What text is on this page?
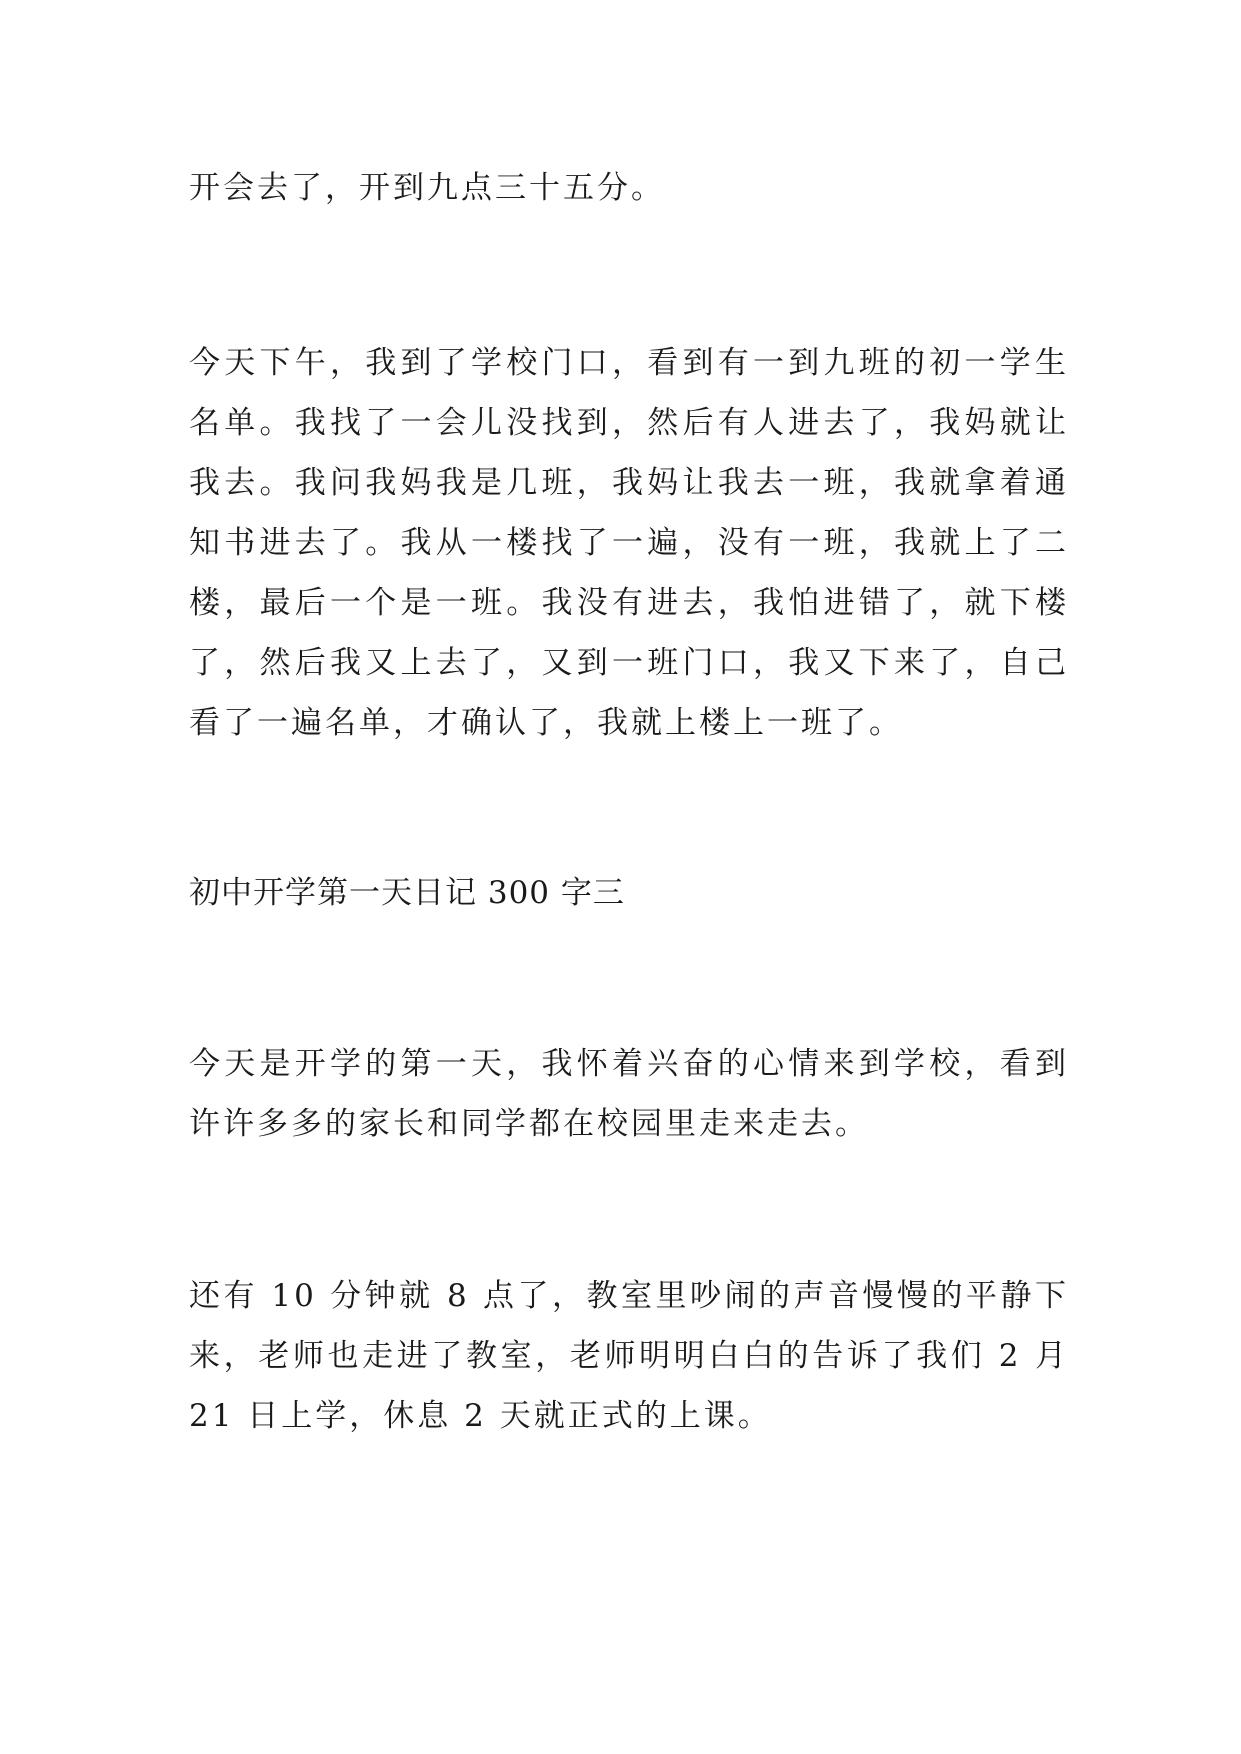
开会去了，开到九点三十五分。

今天下午，我到了学校门口，看到有一到九班的初一学生名单。我找了一会儿没找到，然后有人进去了，我妈就让我去。我问我妈我是几班，我妈让我去一班，我就拿着通知书进去了。我从一楼找了一遍，没有一班，我就上了二楼，最后一个是一班。我没有进去，我怕进错了，就下楼了，然后我又上去了，又到一班门口，我又下来了，自己看了一遍名单，才确认了，我就上楼上一班了。

初中开学第一天日记 300 字三

今天是开学的第一天，我怀着兴奋的心情来到学校，看到许许多多的家长和同学都在校园里走来走去。

还有 10 分钟就 8 点了，教室里吵闹的声音慢慢的平静下来，老师也走进了教室，老师明明白白的告诉了我们 2 月 21 日上学，休息 2 天就正式的上课。
